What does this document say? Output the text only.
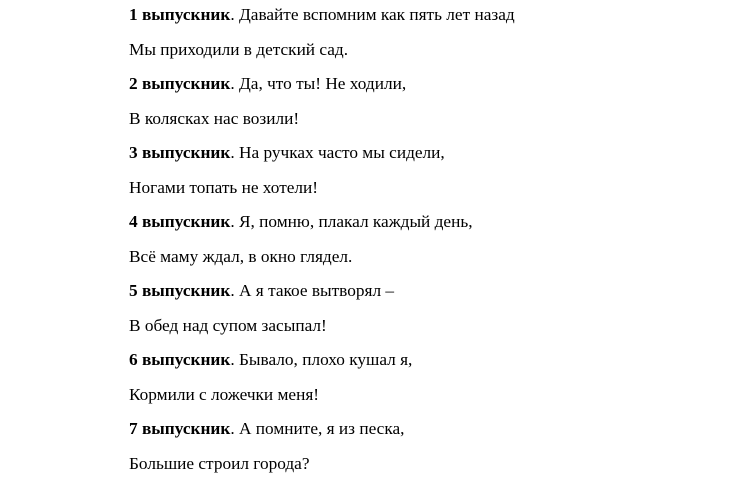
1 выпускник. Давайте вспомним как пять лет назад
Мы приходили в детский сад.
2 выпускник. Да, что ты! Не ходили,
В колясках нас возили!
3 выпускник. На ручках часто мы сидели,
Ногами топать не хотели!
4 выпускник. Я, помню, плакал каждый день,
Всё маму ждал, в окно глядел.
5 выпускник. А я такое вытворял –
В обед над супом засыпал!
6 выпускник. Бывало, плохо кушал я,
Кормили с ложечки меня!
7 выпускник. А помните, я из песка,
Большие строил города?
